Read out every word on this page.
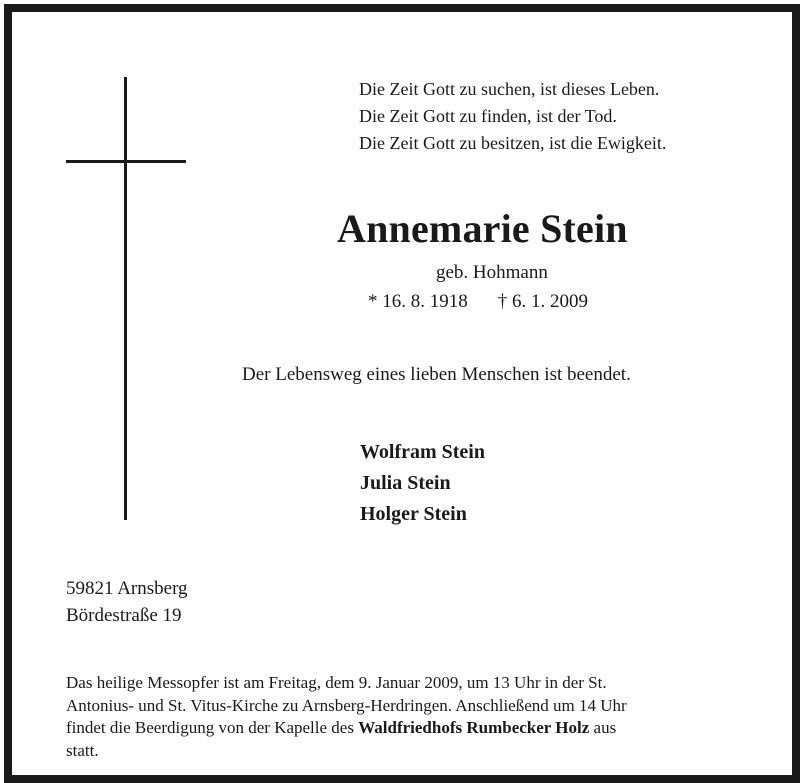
Die Zeit Gott zu suchen, ist dieses Leben.
Die Zeit Gott zu finden, ist der Tod.
Die Zeit Gott zu besitzen, ist die Ewigkeit.
Annemarie Stein
geb. Hohmann
* 16. 8. 1918 † 6. 1. 2009
Der Lebensweg eines lieben Menschen ist beendet.
Wolfram Stein
Julia Stein
Holger Stein
59821 Arnsberg
Bördestraße 19
Das heilige Messopfer ist am Freitag, dem 9. Januar 2009, um 13 Uhr in der St.
Antonius- und St. Vitus-Kirche zu Arnsberg-Herdringen. Anschließend um 14 Uhr
findet die Beerdigung von der Kapelle des Waldfriedhofs Rumbecker Holz aus
statt.
